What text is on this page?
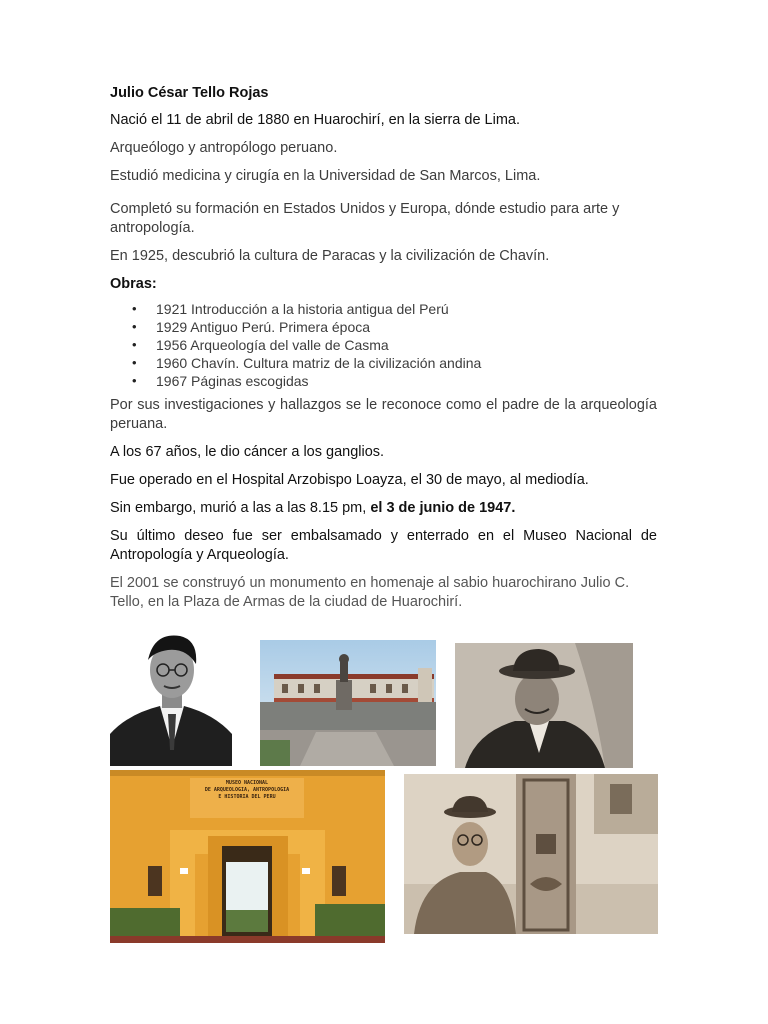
Julio César Tello Rojas

Nació el 11 de abril de 1880 en Huarochirí, en la sierra de Lima.

Arqueólogo y antropólogo peruano.

Estudió medicina y cirugía en la Universidad de San Marcos, Lima.

Completó su formación en Estados Unidos y Europa, dónde estudio para arte y antropología.

En 1925, descubrió la cultura de Paracas y la civilización de Chavín.

Obras:

• 1921 Introducción a la historia antigua del Perú
• 1929 Antiguo Perú. Primera época
• 1956 Arqueología del valle de Casma
• 1960 Chavín. Cultura matriz de la civilización andina
• 1967 Páginas escogidas

Por sus investigaciones y hallazgos se le reconoce como el padre de la arqueología peruana.

A los 67 años, le dio cáncer a los ganglios.

Fue operado en el Hospital Arzobispo Loayza, el 30 de mayo, al mediodía.

Sin embargo, murió a las a las 8.15 pm, el 3 de junio de 1947.

Su último deseo fue ser embalsamado y enterrado en el Museo Nacional de Antropología y Arqueología.

El 2001 se construyó un monumento en homenaje al sabio huarochirano Julio C. Tello, en la Plaza de Armas de la ciudad de Huarochirí.

MUSEO NACIONAL
DE ARQUEOLOGIA, ANTROPOLOGIA
E HISTORIA DEL PERU
